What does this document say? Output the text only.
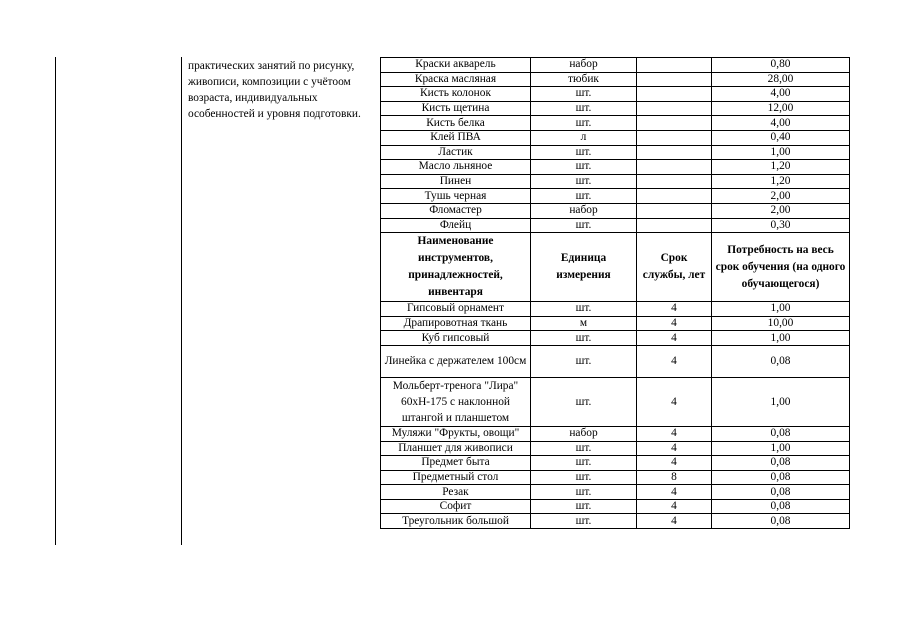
практических занятий по рисунку, живописи, композиции с учётоом возраста, индивидуальных особенностей и уровня подготовки.
Краски акварель	набор		0,80
Краска масляная	тюбик		28,00
Кисть колонок	шт.		4,00
Кисть щетина	шт.		12,00
Кисть белка	шт.		4,00
Клей ПВА	л		0,40
Ластик	шт.		1,00
Масло льняное	шт.		1,20
Пинен	шт.		1,20
Тушь черная	шт.		2,00
Фломастер	набор		2,00
Флейц	шт.		0,30
Наименование инструментов, принадлежностей, инвентаря	Единица измерения	Срок службы, лет	Потребность на весь срок обучения (на одного обучающегося)
Гипсовый орнамент	шт.	4	1,00
Драпировотная ткань	м	4	10,00
Куб гипсовый	шт.	4	1,00
Линейка с держателем 100см	шт.	4	0,08
Мольберт-тренога "Лира" 60хН-175 с наклонной штангой и планшетом	шт.	4	1,00
Муляжи "Фрукты, овощи"	набор	4	0,08
Планшет для живописи	шт.	4	1,00
Предмет быта	шт.	4	0,08
Предметный стол	шт.	8	0,08
Резак	шт.	4	0,08
Софит	шт.	4	0,08
Треугольник большой	шт.	4	0,08
